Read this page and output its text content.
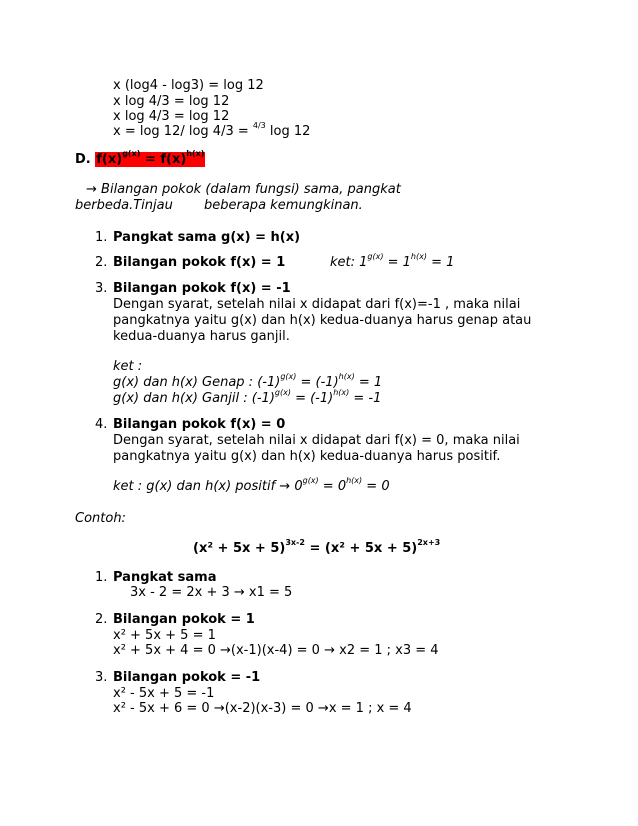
x (log4 - log3) = log 12
x log 4/3 = log 12
x log 4/3 = log 12
x = log 12/ log 4/3 = $^{4/3}$ log 12
D. $f(x)^{g(x)} = f(x)^{h(x)}$
→ Bilangan pokok (dalam fungsi) sama, pangkat
berbeda.Tinjau beberapa kemungkinan.
1. Pangkat sama g(x) = h(x)
2. Bilangan pokok f(x) = 1	ket: $1^{g(x)} = 1^{h(x)} = 1$
3. Bilangan pokok f(x) = -1
Dengan syarat, setelah nilai x didapat dari f(x)=-1 , maka nilai
pangkatnya yaitu g(x) dan h(x) kedua-duanya harus genap atau
kedua-duanya harus ganjil.
ket :
g(x) dan h(x) Genap : $(-1)^{g(x)} = (-1)^{h(x)} = 1$
g(x) dan h(x) Ganjil : $(-1)^{g(x)} = (-1)^{h(x)} = -1$
4. Bilangan pokok f(x) = 0
Dengan syarat, setelah nilai x didapat dari f(x) = 0, maka nilai
pangkatnya yaitu g(x) dan h(x) kedua-duanya harus positif.
ket : g(x) dan h(x) positif → $0^{g(x)} = 0^{h(x)} = 0$
Contoh:
$(x^2 + 5x + 5)^{3x-2} = (x^2 + 5x + 5)^{2x+3}$
1. Pangkat sama
3x - 2 = 2x + 3 → x1 = 5
2. Bilangan pokok = 1
x² + 5x + 5 = 1
x² + 5x + 4 = 0 →(x-1)(x-4) = 0 → x2 = 1 ; x3 = 4
3. Bilangan pokok = -1
x² - 5x + 5 = -1
x² - 5x + 6 = 0 →(x-2)(x-3) = 0 →x = 1 ; x = 4
